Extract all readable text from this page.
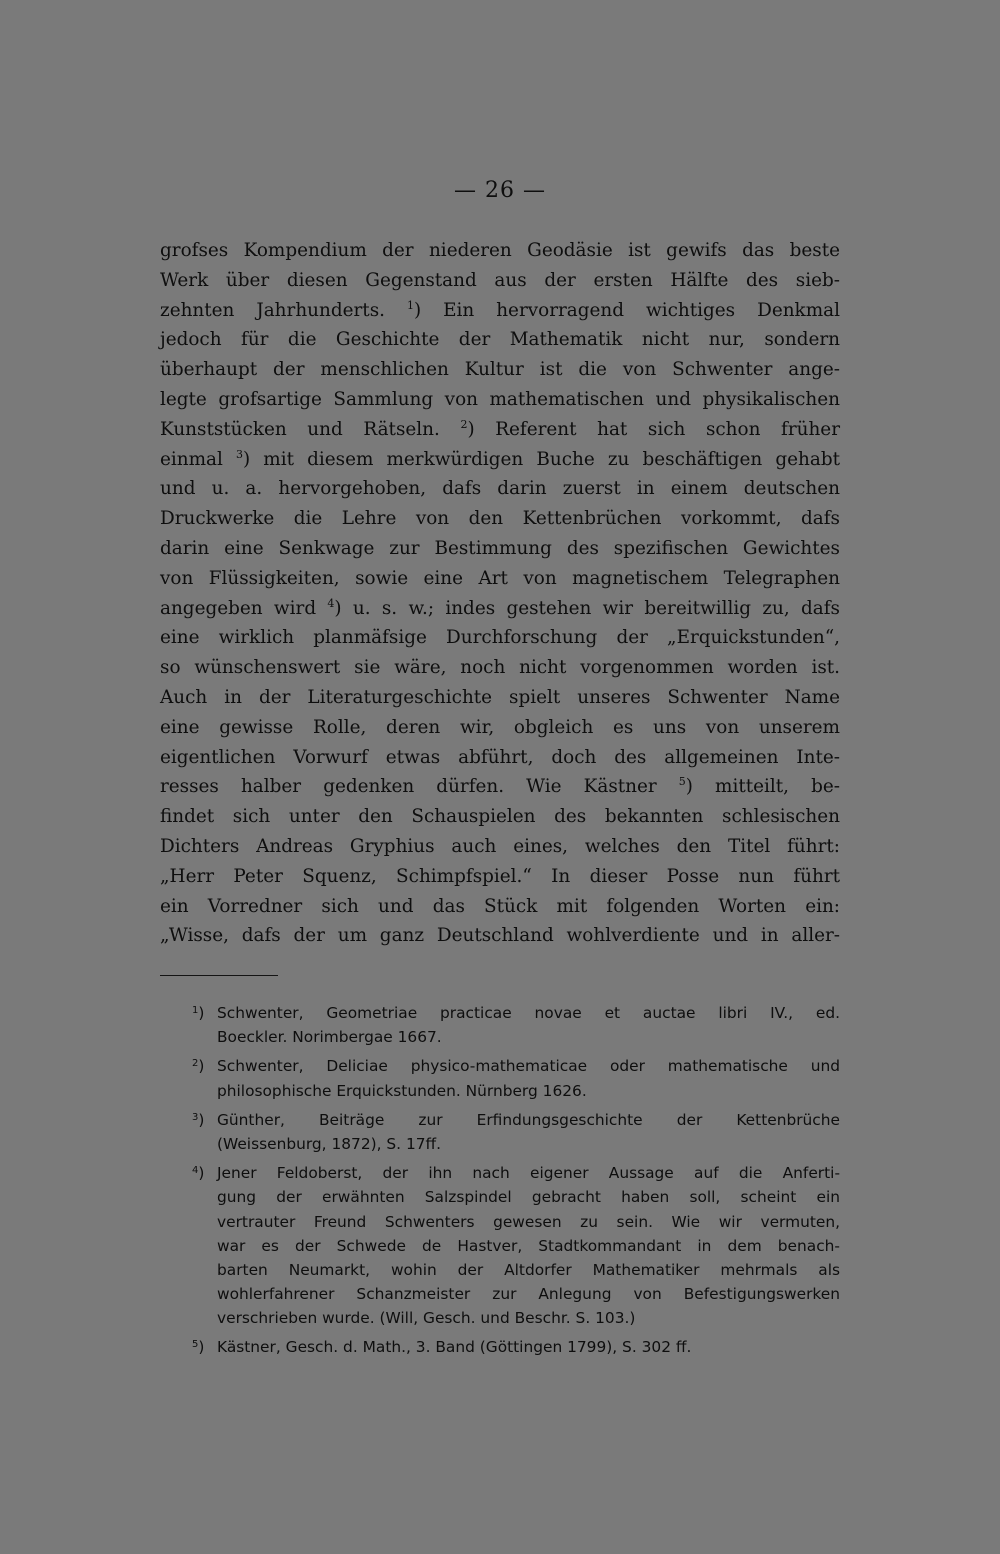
— 26 —
grofses Kompendium der niederen Geodäsie ist gewifs das beste
Werk über diesen Gegenstand aus der ersten Hälfte des sieb-
zehnten Jahrhunderts. $^1$) Ein hervorragend wichtiges Denkmal
jedoch für die Geschichte der Mathematik nicht nur, sondern
überhaupt der menschlichen Kultur ist die von Schwenter ange-
legte grofsartige Sammlung von mathematischen und physikalischen
Kunststücken und Rätseln. $^2$) Referent hat sich schon früher
einmal $^3$) mit diesem merkwürdigen Buche zu beschäftigen gehabt
und u. a. hervorgehoben, dafs darin zuerst in einem deutschen
Druckwerke die Lehre von den Kettenbrüchen vorkommt, dafs
darin eine Senkwage zur Bestimmung des spezifischen Gewichtes
von Flüssigkeiten, sowie eine Art von magnetischem Telegraphen
angegeben wird $^4$) u. s. w.; indes gestehen wir bereitwillig zu, dafs
eine wirklich planmäfsige Durchforschung der „Erquickstunden“,
so wünschenswert sie wäre, noch nicht vorgenommen worden ist.
Auch in der Literaturgeschichte spielt unseres Schwenter Name
eine gewisse Rolle, deren wir, obgleich es uns von unserem
eigentlichen Vorwurf etwas abführt, doch des allgemeinen Inte-
resses halber gedenken dürfen. Wie Kästner $^5$) mitteilt, be-
findet sich unter den Schauspielen des bekannten schlesischen
Dichters Andreas Gryphius auch eines, welches den Titel führt:
„Herr Peter Squenz, Schimpfspiel.“ In dieser Posse nun führt
ein Vorredner sich und das Stück mit folgenden Worten ein:
„Wisse, dafs der um ganz Deutschland wohlverdiente und in aller-
$^1$) Schwenter, Geometriae practicae novae et auctae libri IV., ed.
Boeckler. Norimbergae 1667.
$^2$) Schwenter, Deliciae physico-mathematicae oder mathematische und
philosophische Erquickstunden. Nürnberg 1626.
$^3$) Günther, Beiträge zur Erfindungsgeschichte der Kettenbrüche
(Weissenburg, 1872), S. 17ff.
$^4$) Jener Feldoberst, der ihn nach eigener Aussage auf die Anferti-
gung der erwähnten Salzspindel gebracht haben soll, scheint ein
vertrauter Freund Schwenters gewesen zu sein. Wie wir vermuten,
war es der Schwede de Hastver, Stadtkommandant in dem benach-
barten Neumarkt, wohin der Altdorfer Mathematiker mehrmals als
wohlerfahrener Schanzmeister zur Anlegung von Befestigungswerken
verschrieben wurde. (Will, Gesch. und Beschr. S. 103.)
$^5$) Kästner, Gesch. d. Math., 3. Band (Göttingen 1799), S. 302 ff.
